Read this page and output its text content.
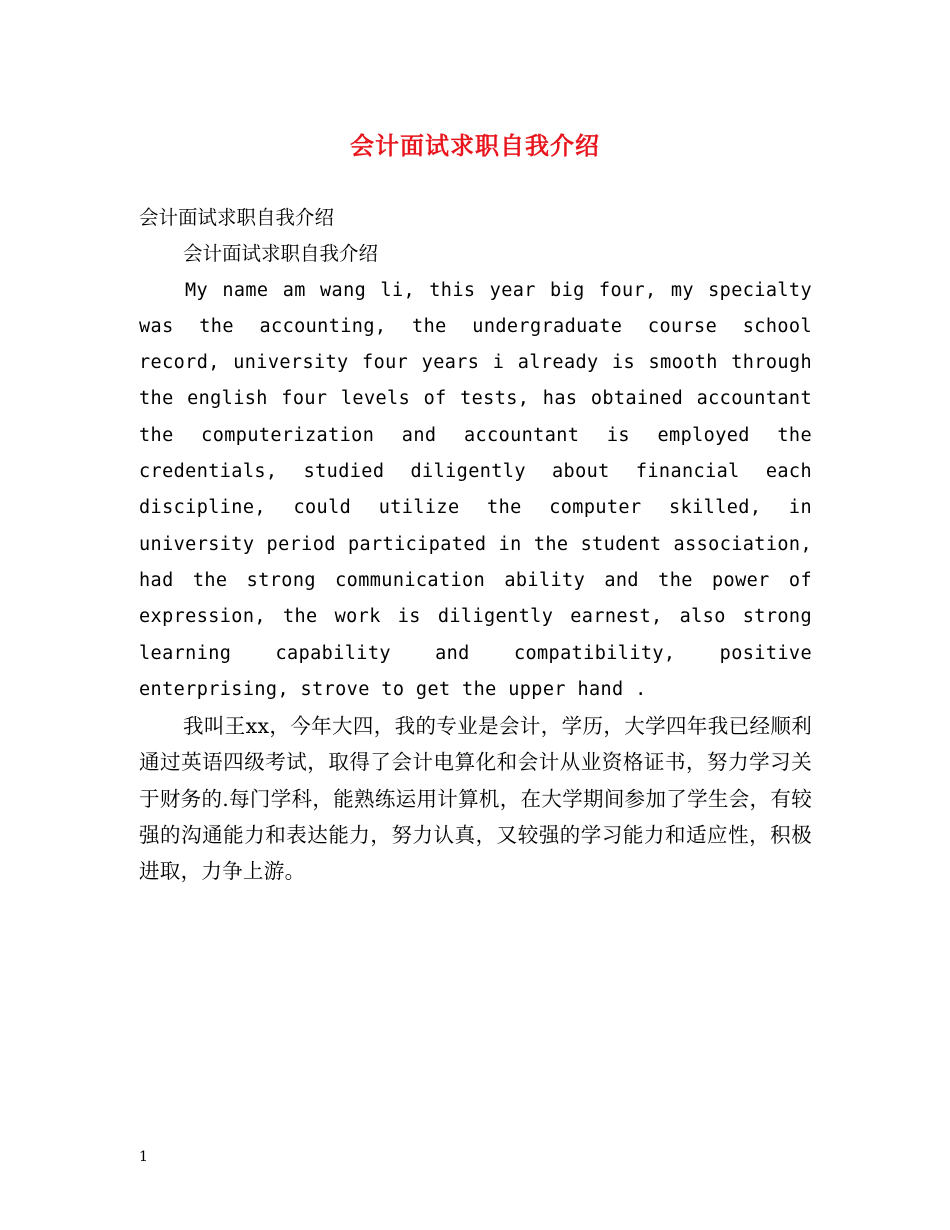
会计面试求职自我介绍

会计面试求职自我介绍

会计面试求职自我介绍

My name am wang li, this year big four, my specialty was the accounting, the undergraduate course school record, university four years i already is smooth through the english four levels of tests, has obtained accountant the computerization and accountant is employed the credentials, studied diligently about financial each discipline, could utilize the computer skilled, in university period participated in the student association, had the strong communication ability and the power of expression, the work is diligently earnest, also strong learning capability and compatibility, positive enterprising, strove to get the upper hand .

我叫王xx，今年大四，我的专业是会计，学历，大学四年我已经顺利通过英语四级考试，取得了会计电算化和会计从业资格证书，努力学习关于财务的.每门学科，能熟练运用计算机，在大学期间参加了学生会，有较强的沟通能力和表达能力，努力认真，又较强的学习能力和适应性，积极进取，力争上游。

1
